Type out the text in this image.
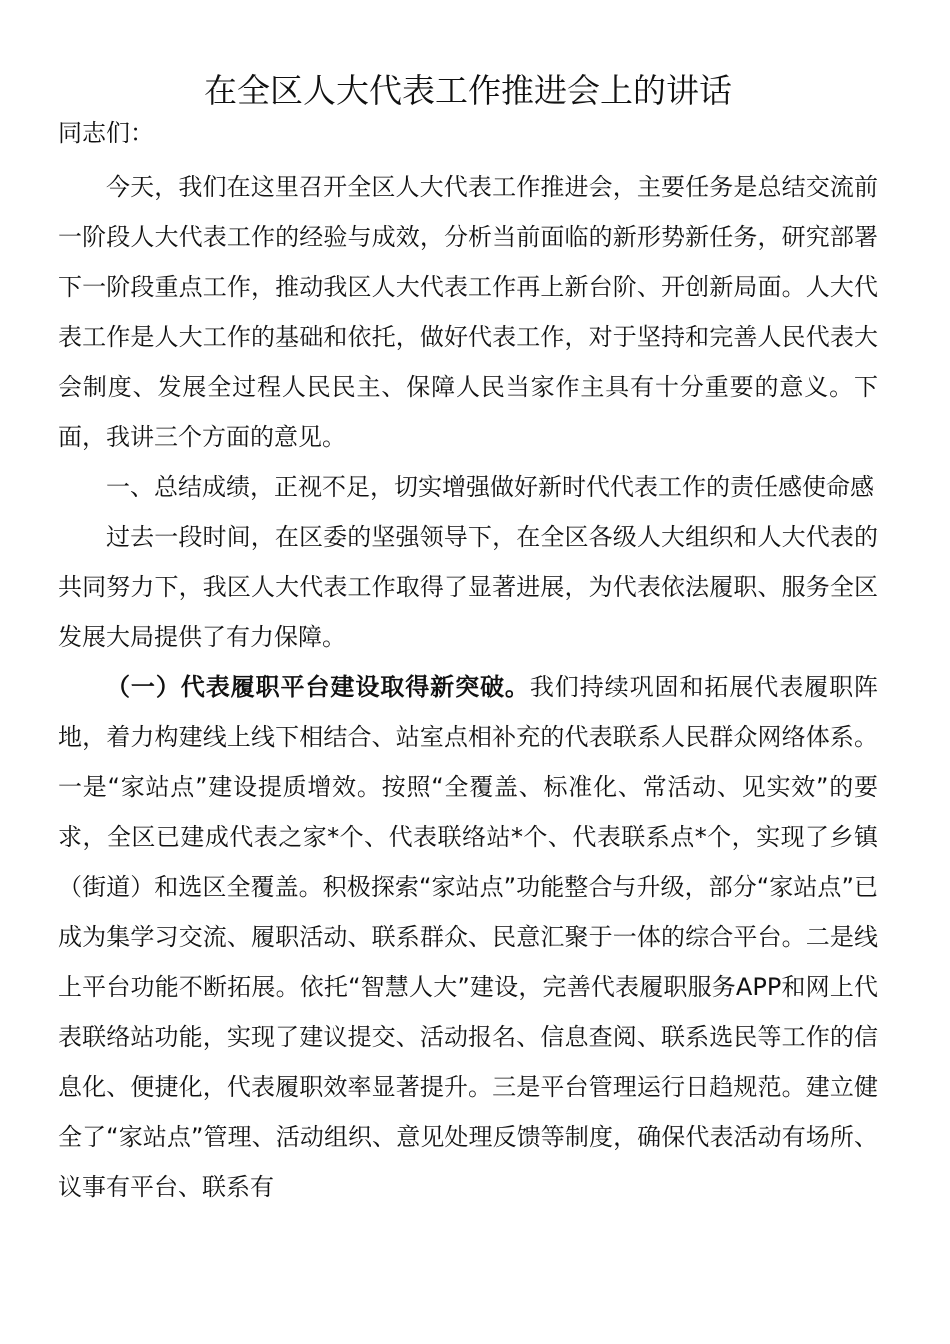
在全区人大代表工作推进会上的讲话

同志们：

今天，我们在这里召开全区人大代表工作推进会，主要任务是总结交流前一阶段人大代表工作的经验与成效，分析当前面临的新形势新任务，研究部署下一阶段重点工作，推动我区人大代表工作再上新台阶、开创新局面。人大代表工作是人大工作的基础和依托，做好代表工作，对于坚持和完善人民代表大会制度、发展全过程人民民主、保障人民当家作主具有十分重要的意义。下面，我讲三个方面的意见。

一、总结成绩，正视不足，切实增强做好新时代代表工作的责任感使命感

过去一段时间，在区委的坚强领导下，在全区各级人大组织和人大代表的共同努力下，我区人大代表工作取得了显著进展，为代表依法履职、服务全区发展大局提供了有力保障。

（一）代表履职平台建设取得新突破。我们持续巩固和拓展代表履职阵地，着力构建线上线下相结合、站室点相补充的代表联系人民群众网络体系。一是“家站点”建设提质增效。按照“全覆盖、标准化、常活动、见实效”的要求，全区已建成代表之家*个、代表联络站*个、代表联系点*个，实现了乡镇（街道）和选区全覆盖。积极探索“家站点”功能整合与升级，部分“家站点”已成为集学习交流、履职活动、联系群众、民意汇聚于一体的综合平台。二是线上平台功能不断拓展。依托“智慧人大”建设，完善代表履职服务APP和网上代表联络站功能，实现了建议提交、活动报名、信息查阅、联系选民等工作的信息化、便捷化，代表履职效率显著提升。三是平台管理运行日趋规范。建立健全了“家站点”管理、活动组织、意见处理反馈等制度，确保代表活动有场所、议事有平台、联系有
